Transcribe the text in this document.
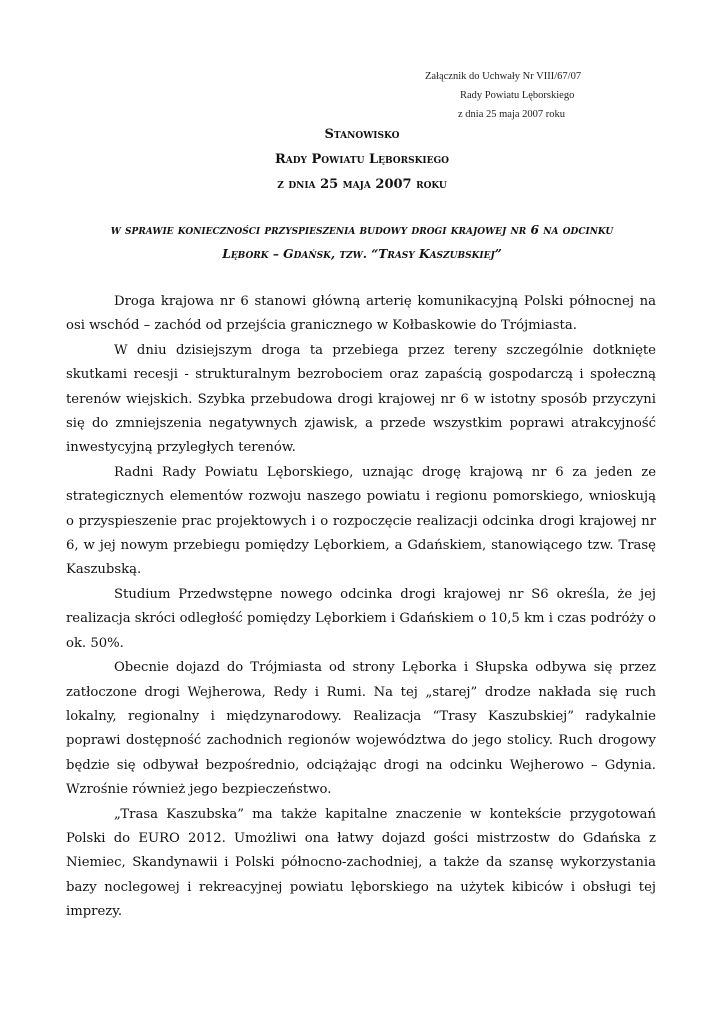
Załącznik do Uchwały Nr VIII/67/07
Rady Powiatu Lęborskiego
z dnia 25 maja 2007 roku
Stanowisko
Rady Powiatu Lęborskiego
z dnia 25 maja 2007 roku
w sprawie konieczności przyspieszenia budowy drogi krajowej nr 6 na odcinku
Lębork – Gdańsk, tzw. “Trasy Kaszubskiej”

Droga krajowa nr 6 stanowi główną arterię komunikacyjną Polski północnej na osi wschód – zachód od przejścia granicznego w Kołbaskowie do Trójmiasta.

W dniu dzisiejszym droga ta przebiega przez tereny szczególnie dotknięte skutkami recesji - strukturalnym bezrobociem oraz zapaścią gospodarczą i społeczną terenów wiejskich. Szybka przebudowa drogi krajowej nr 6 w istotny sposób przyczyni się do zmniejszenia negatywnych zjawisk, a przede wszystkim poprawi atrakcyjność inwestycyjną przyległych terenów.

Radni Rady Powiatu Lęborskiego, uznając drogę krajową nr 6 za jeden ze strategicznych elementów rozwoju naszego powiatu i regionu pomorskiego, wnioskują o przyspieszenie prac projektowych i o rozpoczęcie realizacji odcinka drogi krajowej nr 6, w jej nowym przebiegu pomiędzy Lęborkiem, a Gdańskiem, stanowiącego tzw. Trasę Kaszubską.

Studium Przedwstępne nowego odcinka drogi krajowej nr S6 określa, że jej realizacja skróci odległość pomiędzy Lęborkiem i Gdańskiem o 10,5 km i czas podróży o ok. 50%.

Obecnie dojazd do Trójmiasta od strony Lęborka i Słupska odbywa się przez zatłoczone drogi Wejherowa, Redy i Rumi. Na tej „starej” drodze nakłada się ruch lokalny, regionalny i międzynarodowy. Realizacja “Trasy Kaszubskiej” radykalnie poprawi dostępność zachodnich regionów województwa do jego stolicy. Ruch drogowy będzie się odbywał bezpośrednio, odciążając drogi na odcinku Wejherowo – Gdynia. Wzrośnie również jego bezpieczeństwo.

„Trasa Kaszubska” ma także kapitalne znaczenie w kontekście przygotowań Polski do EURO 2012. Umożliwi ona łatwy dojazd gości mistrzostw do Gdańska z Niemiec, Skandynawii i Polski północno-zachodniej, a także da szansę wykorzystania bazy noclegowej i rekreacyjnej powiatu lęborskiego na użytek kibiców i obsługi tej imprezy.
